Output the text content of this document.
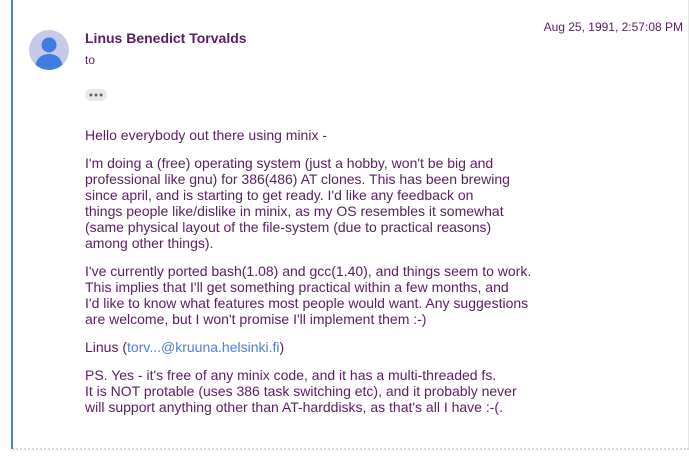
Linus Benedict Torvalds
to
Aug 25, 1991, 2:57:08 PM

Hello everybody out there using minix -

I'm doing a (free) operating system (just a hobby, won't be big and
professional like gnu) for 386(486) AT clones. This has been brewing
since april, and is starting to get ready. I'd like any feedback on
things people like/dislike in minix, as my OS resembles it somewhat
(same physical layout of the file-system (due to practical reasons)
among other things).

I've currently ported bash(1.08) and gcc(1.40), and things seem to work.
This implies that I'll get something practical within a few months, and
I'd like to know what features most people would want. Any suggestions
are welcome, but I won't promise I'll implement them :-)

Linus (torv...@kruuna.helsinki.fi)

PS. Yes - it's free of any minix code, and it has a multi-threaded fs.
It is NOT protable (uses 386 task switching etc), and it probably never
will support anything other than AT-harddisks, as that's all I have :-(.
